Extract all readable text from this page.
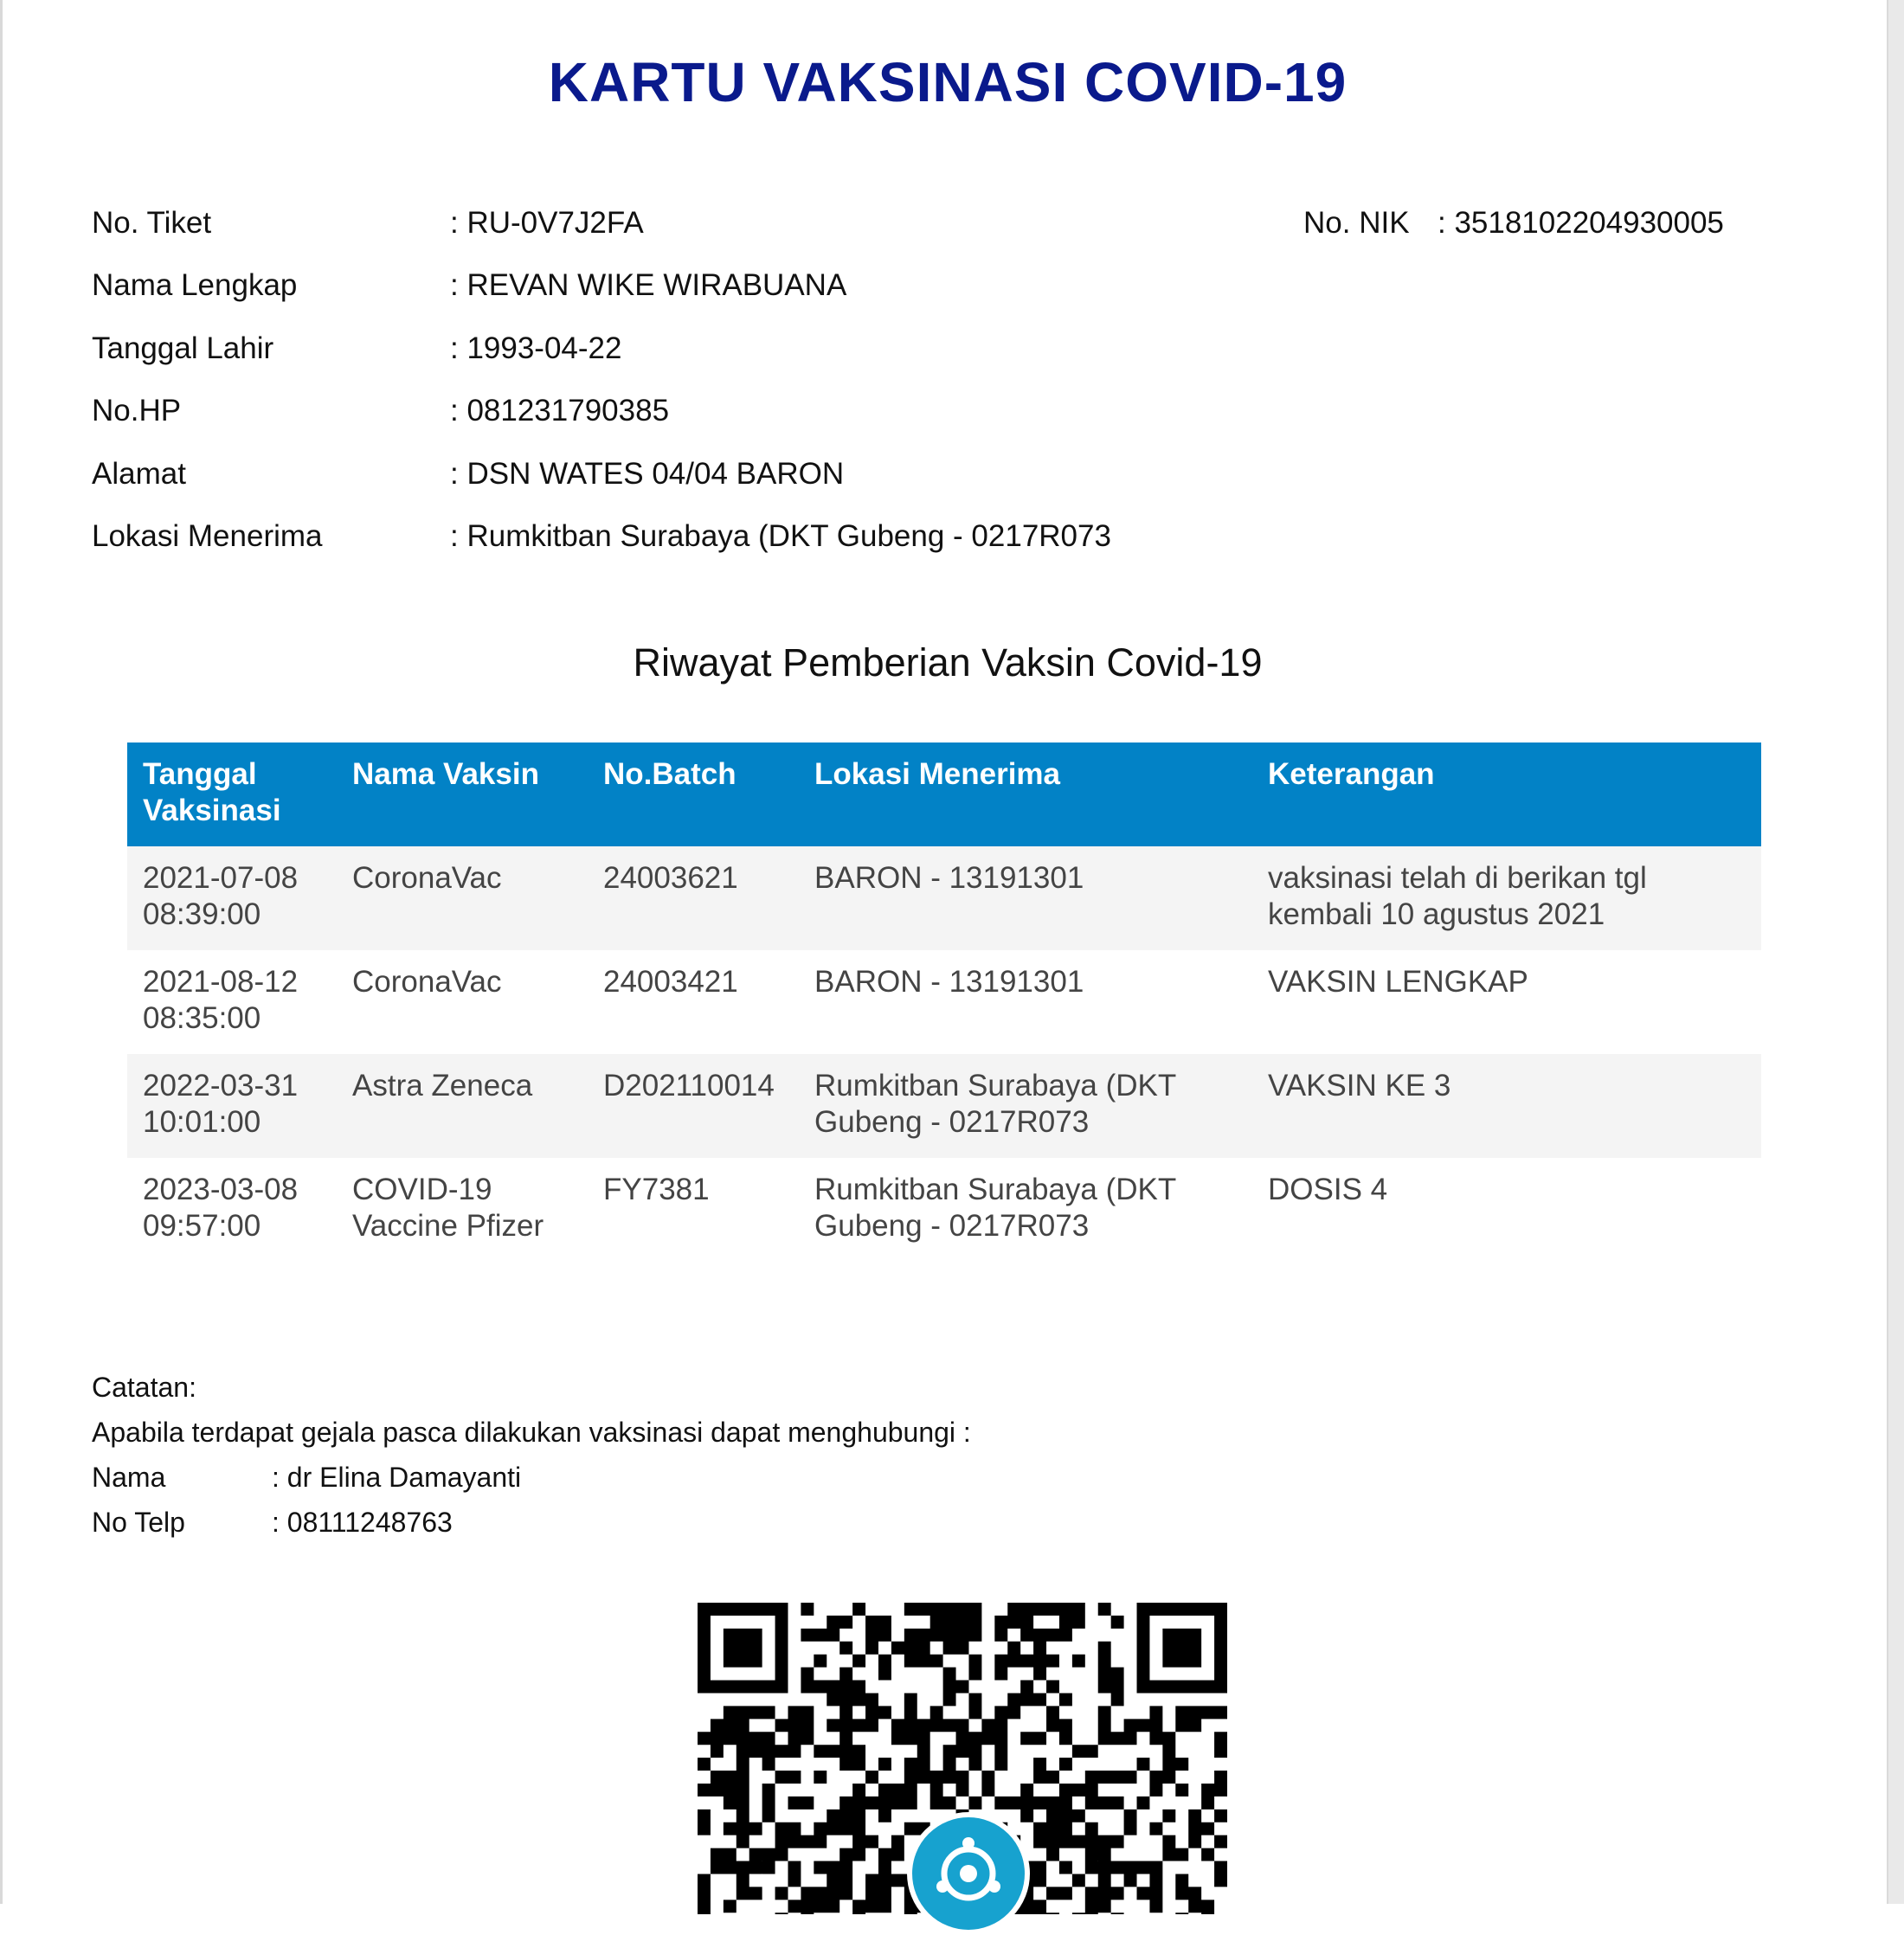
KARTU VAKSINASI COVID-19
No. Tiket	: RU-0V7J2FA
Nama Lengkap	: REVAN WIKE WIRABUANA
Tanggal Lahir	: 1993-04-22
No.HP	: 081231790385
Alamat	: DSN WATES 04/04 BARON
Lokasi Menerima	: Rumkitban Surabaya (DKT Gubeng - 0217R073
No. NIK : 3518102204930005
Riwayat Pemberian Vaksin Covid-19
Tanggal Vaksinasi	Nama Vaksin	No.Batch	Lokasi Menerima	Keterangan
2021-07-08
08:39:00	CoronaVac	24003621	BARON - 13191301	vaksinasi telah di berikan tgl kembali 10 agustus 2021
2021-08-12
08:35:00	CoronaVac	24003421	BARON - 13191301	VAKSIN LENGKAP
2022-03-31
10:01:00	Astra Zeneca	D202110014	Rumkitban Surabaya (DKT Gubeng - 0217R073	VAKSIN KE 3
2023-03-08
09:57:00	COVID-19 Vaccine Pfizer	FY7381	Rumkitban Surabaya (DKT Gubeng - 0217R073	DOSIS 4
Catatan:
Apabila terdapat gejala pasca dilakukan vaksinasi dapat menghubungi :
Nama	: dr Elina Damayanti
No Telp	: 08111248763
